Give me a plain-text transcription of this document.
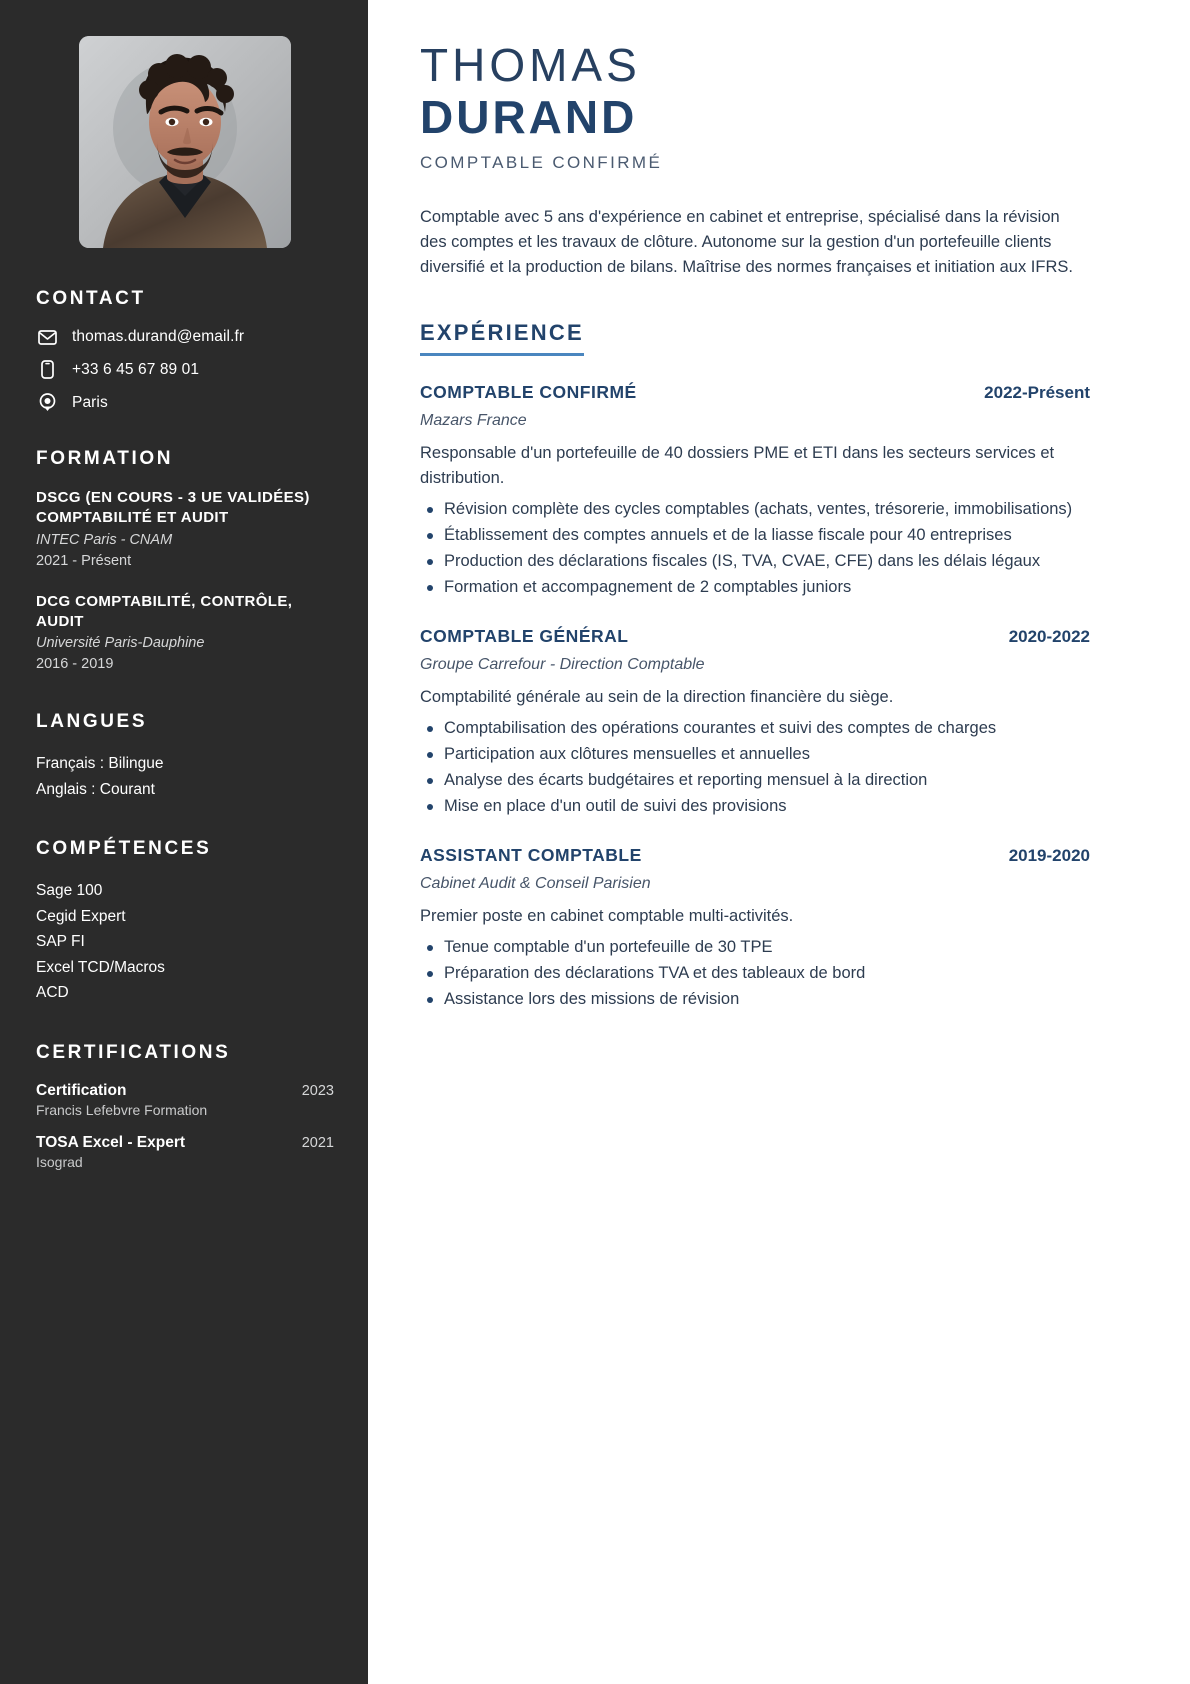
CONTACT
thomas.durand@email.fr
+33 6 45 67 89 01
Paris
FORMATION
DSCG (EN COURS - 3 UE VALIDÉES) COMPTABILITÉ ET AUDIT
INTEC Paris - CNAM
2021 - Présent
DCG COMPTABILITÉ, CONTRÔLE, AUDIT
Université Paris-Dauphine
2016 - 2019
LANGUES
Français : Bilingue
Anglais : Courant
COMPÉTENCES
Sage 100
Cegid Expert
SAP FI
Excel TCD/Macros
ACD
CERTIFICATIONS
Certification	2023
Francis Lefebvre Formation
TOSA Excel - Expert	2021
Isograd
THOMAS
DURAND
COMPTABLE CONFIRMÉ

Comptable avec 5 ans d'expérience en cabinet et entreprise, spécialisé dans la révision des comptes et les travaux de clôture. Autonome sur la gestion d'un portefeuille clients diversifié et la production de bilans. Maîtrise des normes françaises et initiation aux IFRS.

EXPÉRIENCE
COMPTABLE CONFIRMÉ	2022-Présent
Mazars France

Responsable d'un portefeuille de 40 dossiers PME et ETI dans les secteurs services et distribution.

Révision complète des cycles comptables (achats, ventes, trésorerie, immobilisations)
Établissement des comptes annuels et de la liasse fiscale pour 40 entreprises
Production des déclarations fiscales (IS, TVA, CVAE, CFE) dans les délais légaux
Formation et accompagnement de 2 comptables juniors
COMPTABLE GÉNÉRAL	2020-2022
Groupe Carrefour - Direction Comptable

Comptabilité générale au sein de la direction financière du siège.

Comptabilisation des opérations courantes et suivi des comptes de charges
Participation aux clôtures mensuelles et annuelles
Analyse des écarts budgétaires et reporting mensuel à la direction
Mise en place d'un outil de suivi des provisions
ASSISTANT COMPTABLE	2019-2020
Cabinet Audit & Conseil Parisien

Premier poste en cabinet comptable multi-activités.

Tenue comptable d'un portefeuille de 30 TPE
Préparation des déclarations TVA et des tableaux de bord
Assistance lors des missions de révision
